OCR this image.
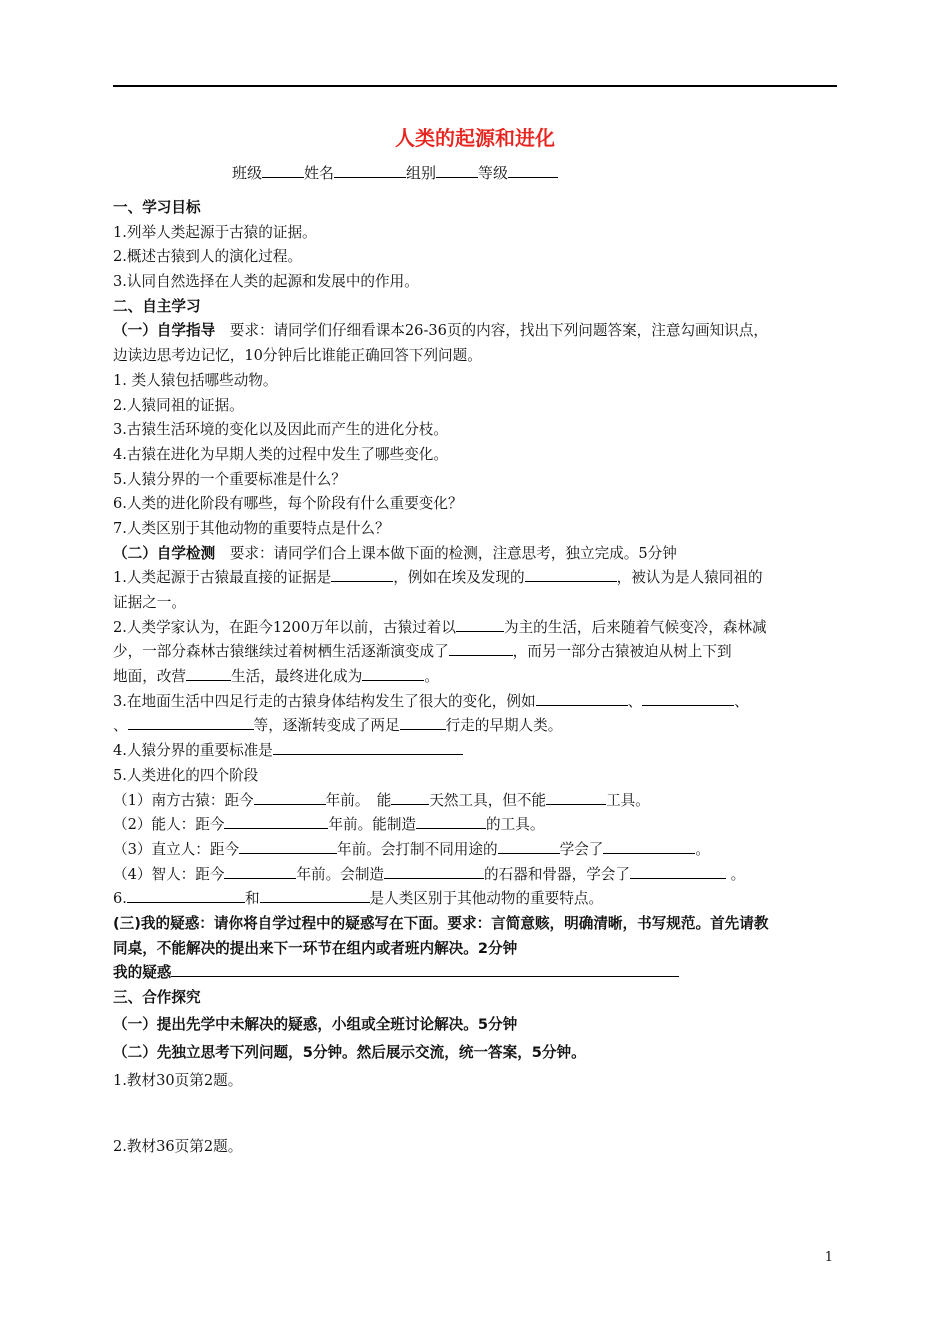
人类的起源和进化
班级	姓名	组别	等级
一、学习目标
1.列举人类起源于古猿的证据。
2.概述古猿到人的演化过程。
3.认同自然选择在人类的起源和发展中的作用。
二、自主学习
（一）自学指导　要求：请同学们仔细看课本26-36页的内容，找出下列问题答案，注意勾画知识点，
边读边思考边记忆，10分钟后比谁能正确回答下列问题。
1. 类人猿包括哪些动物。
2.人猿同祖的证据。
3.古猿生活环境的变化以及因此而产生的进化分枝。
4.古猿在进化为早期人类的过程中发生了哪些变化。
5.人猿分界的一个重要标准是什么？
6.人类的进化阶段有哪些，每个阶段有什么重要变化？
7.人类区别于其他动物的重要特点是什么？
（二）自学检测　要求：请同学们合上课本做下面的检测，注意思考，独立完成。5分钟
1.人类起源于古猿最直接的证据是	，例如在埃及发现的	，被认为是人猿同祖的
证据之一。
2.人类学家认为，在距今1200万年以前，古猿过着以	为主的生活，后来随着气候变冷，森林减
少，一部分森林古猿继续过着树栖生活逐渐演变成了	，而另一部分古猿被迫从树上下到
地面，改营	生活，最终进化成为	。
3.在地面生活中四足行走的古猿身体结构发生了很大的变化，例如	、	、
、	等，逐渐转变成了两足	行走的早期人类。
4.人猿分界的重要标准是
5.人类进化的四个阶段
（1）南方古猿：距今	年前。　能	天然工具，但不能	工具。
（2）能人：距今	年前。能制造	的工具。
（3）直立人：距今	年前。会打制不同用途的	学会了	。
（4）智人：距今	年前。会制造	的石器和骨器，学会了	。
6.	和	是人类区别于其他动物的重要特点。
(三)我的疑惑：请你将自学过程中的疑惑写在下面。要求：言简意赅，明确清晰，书写规范。首先请教
同桌，不能解决的提出来下一环节在组内或者班内解决。2分钟
我的疑惑
三、合作探究
（一）提出先学中未解决的疑惑，小组或全班讨论解决。5分钟
（二）先独立思考下列问题，5分钟。然后展示交流，统一答案，5分钟。
1.教材30页第2题。
2.教材36页第2题。
1
